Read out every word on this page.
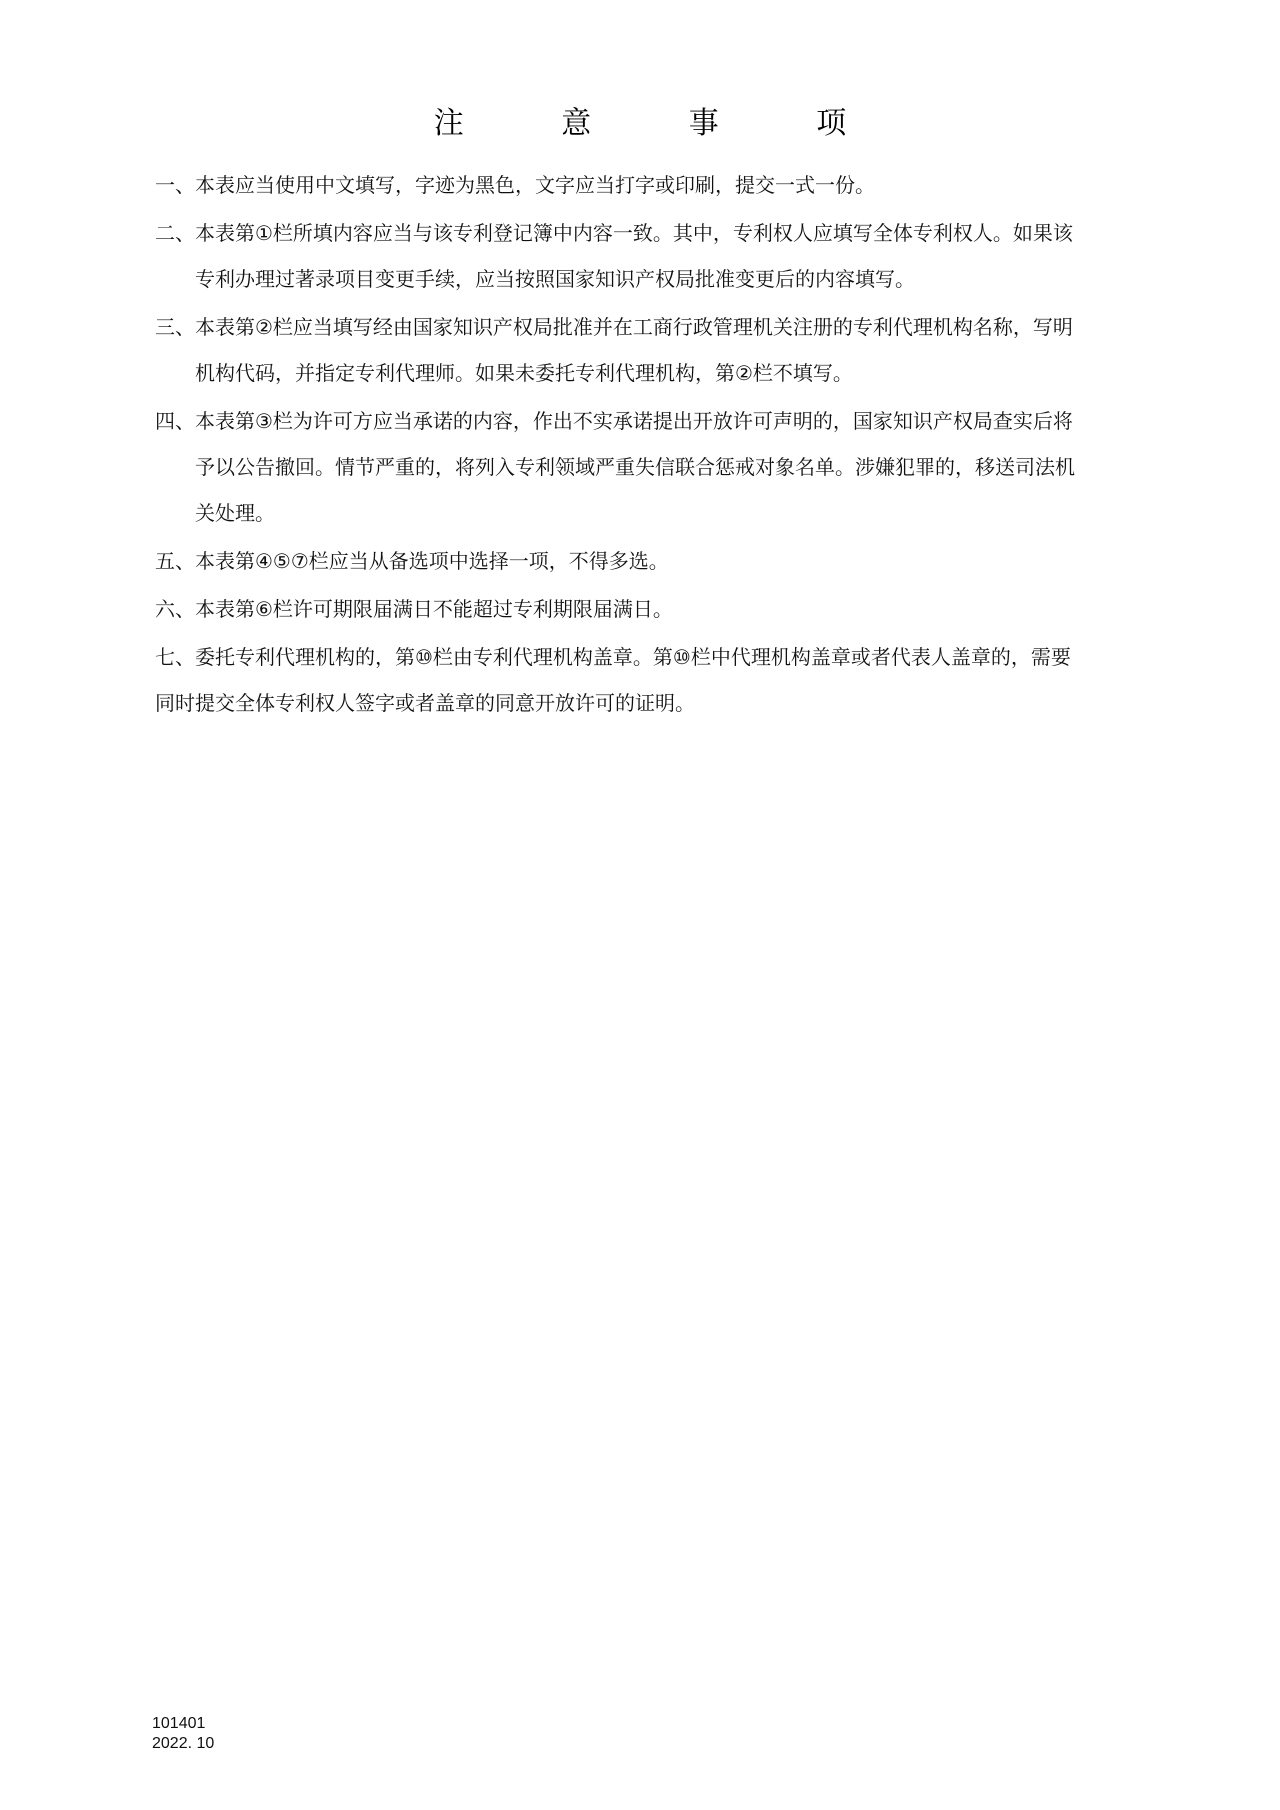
注 意 事 项
一、 本表应当使用中文填写，字迹为黑色，文字应当打字或印刷，提交一式一份。
二、 本表第①栏所填内容应当与该专利登记簿中内容一致。其中，专利权人应填写全体专利权人。如果该
专利办理过著录项目变更手续，应当按照国家知识产权局批准变更后的内容填写。
三、 本表第②栏应当填写经由国家知识产权局批准并在工商行政管理机关注册的专利代理机构名称，写明
机构代码，并指定专利代理师。如果未委托专利代理机构，第②栏不填写。
四、 本表第③栏为许可方应当承诺的内容，作出不实承诺提出开放许可声明的，国家知识产权局查实后将
予以公告撤回。情节严重的，将列入专利领域严重失信联合惩戒对象名单。涉嫌犯罪的，移送司法机
关处理。
五、 本表第④⑤⑦栏应当从备选项中选择一项，不得多选。
六、 本表第⑥栏许可期限届满日不能超过专利期限届满日。
七、委托专利代理机构的，第⑩栏由专利代理机构盖章。第⑩栏中代理机构盖章或者代表人盖章的，需要
同时提交全体专利权人签字或者盖章的同意开放许可的证明。
101401
2022. 10
